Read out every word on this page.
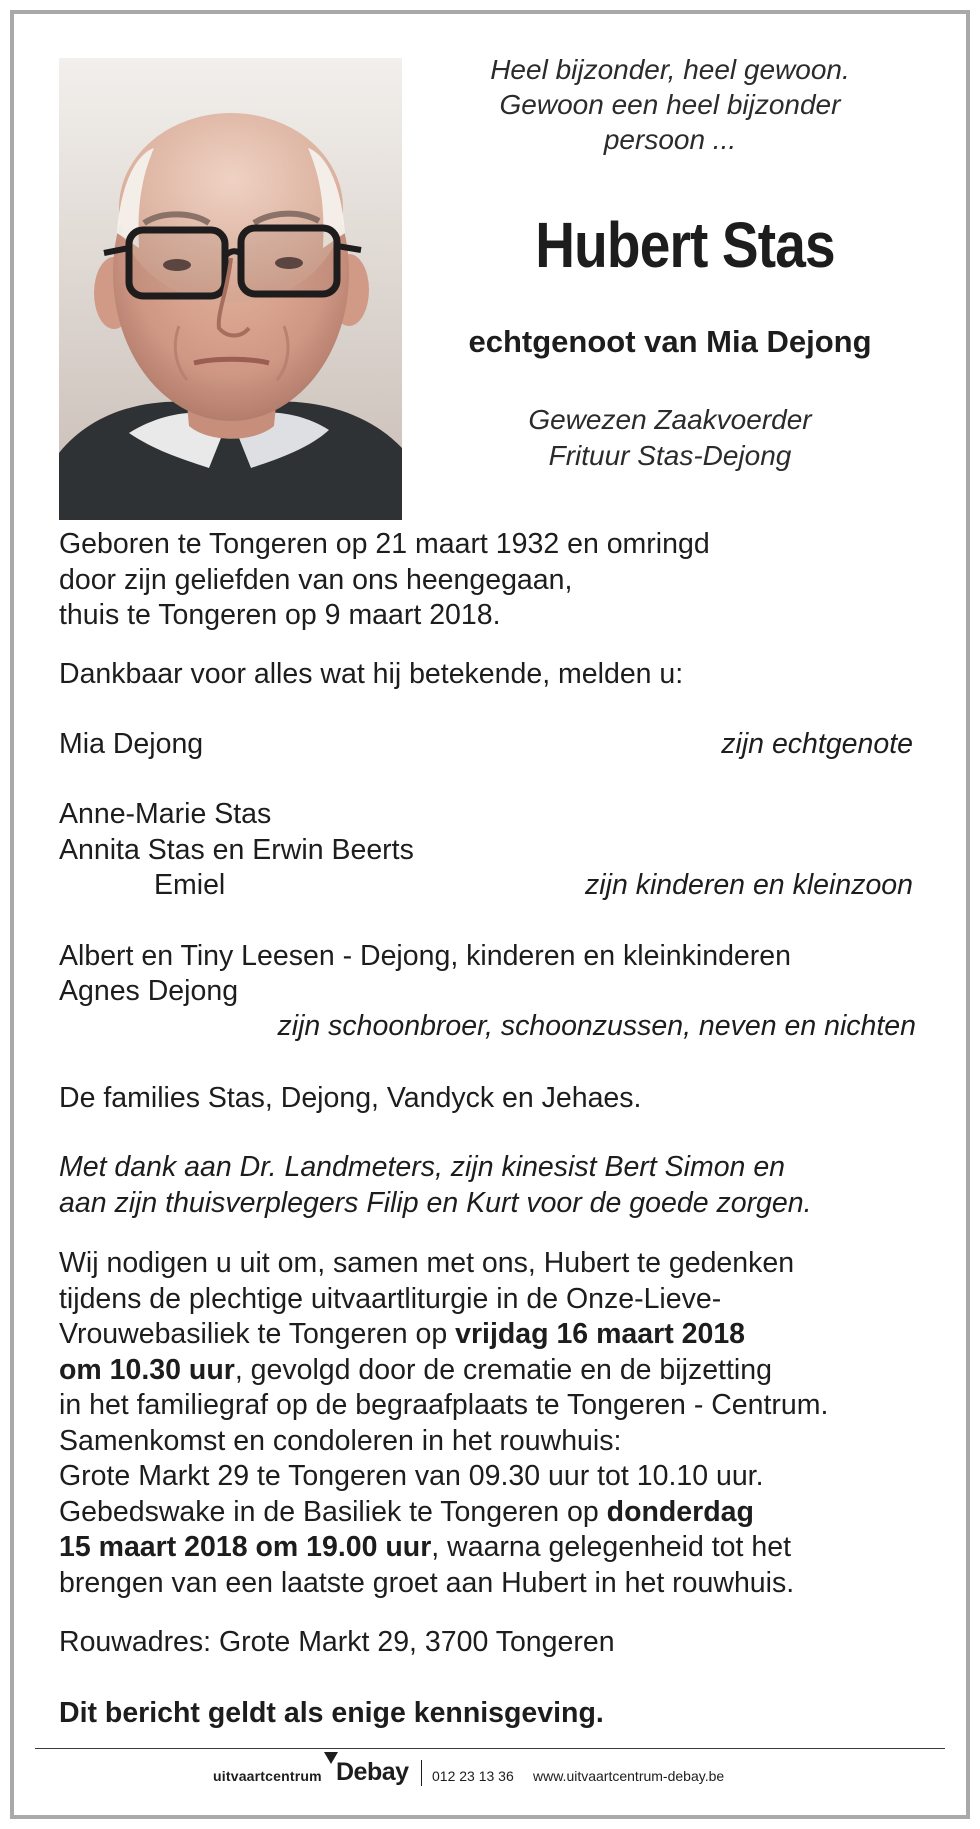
Heel bijzonder, heel gewoon.
Gewoon een heel bijzonder
persoon ...
Hubert Stas
echtgenoot van Mia Dejong
Gewezen Zaakvoerder
Frituur Stas-Dejong
Geboren te Tongeren op 21 maart 1932 en omringd
door zijn geliefden van ons heengegaan,
thuis te Tongeren op 9 maart 2018.
Dankbaar voor alles wat hij betekende, melden u:
Mia Dejong	zijn echtgenote
Anne-Marie Stas
Annita Stas en Erwin Beerts
Emiel	zijn kinderen en kleinzoon
Albert en Tiny Leesen - Dejong, kinderen en kleinkinderen
Agnes Dejong
zijn schoonbroer, schoonzussen, neven en nichten
De families Stas, Dejong, Vandyck en Jehaes.
Met dank aan Dr. Landmeters, zijn kinesist Bert Simon en
aan zijn thuisverplegers Filip en Kurt voor de goede zorgen.
Wij nodigen u uit om, samen met ons, Hubert te gedenken
tijdens de plechtige uitvaartliturgie in de Onze-Lieve-
Vrouwebasiliek te Tongeren op vrijdag 16 maart 2018
om 10.30 uur, gevolgd door de crematie en de bijzetting
in het familiegraf op de begraafplaats te Tongeren - Centrum.
Samenkomst en condoleren in het rouwhuis:
Grote Markt 29 te Tongeren van 09.30 uur tot 10.10 uur.
Gebedswake in de Basiliek te Tongeren op donderdag
15 maart 2018 om 19.00 uur, waarna gelegenheid tot het
brengen van een laatste groet aan Hubert in het rouwhuis.
Rouwadres: Grote Markt 29, 3700 Tongeren
Dit bericht geldt als enige kennisgeving.
uitvaartcentrum Debay 012 23 13 36 www.uitvaartcentrum-debay.be
